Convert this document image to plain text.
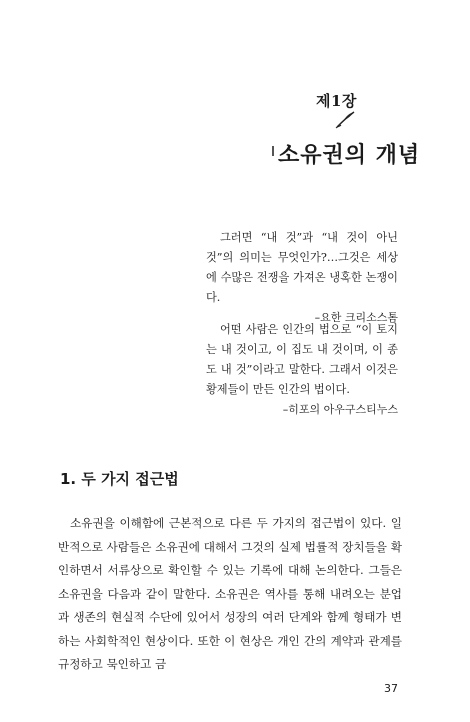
제1장
소유권의 개념

그러면 “내 것”과 “내 것이 아닌 것”의 의미는 무엇인가?…그것은 세상에 수많은 전쟁을 가져온 냉혹한 논쟁이다.

–요한 크리소스톰

어떤 사람은 인간의 법으로 “이 토지는 내 것이고, 이 집도 내 것이며, 이 종도 내 것”이라고 말한다. 그래서 이것은 황제들이 만든 인간의 법이다.

–히포의 아우구스티누스
1. 두 가지 접근법

소유권을 이해함에 근본적으로 다른 두 가지의 접근법이 있다. 일반적으로 사람들은 소유권에 대해서 그것의 실제 법률적 장치들을 확인하면서 서류상으로 확인할 수 있는 기록에 대해 논의한다. 그들은 소유권을 다음과 같이 말한다. 소유권은 역사를 통해 내려오는 분업과 생존의 현실적 수단에 있어서 성장의 여러 단계와 함께 형태가 변하는 사회학적인 현상이다. 또한 이 현상은 개인 간의 계약과 관계를 규정하고 묵인하고 금

37
